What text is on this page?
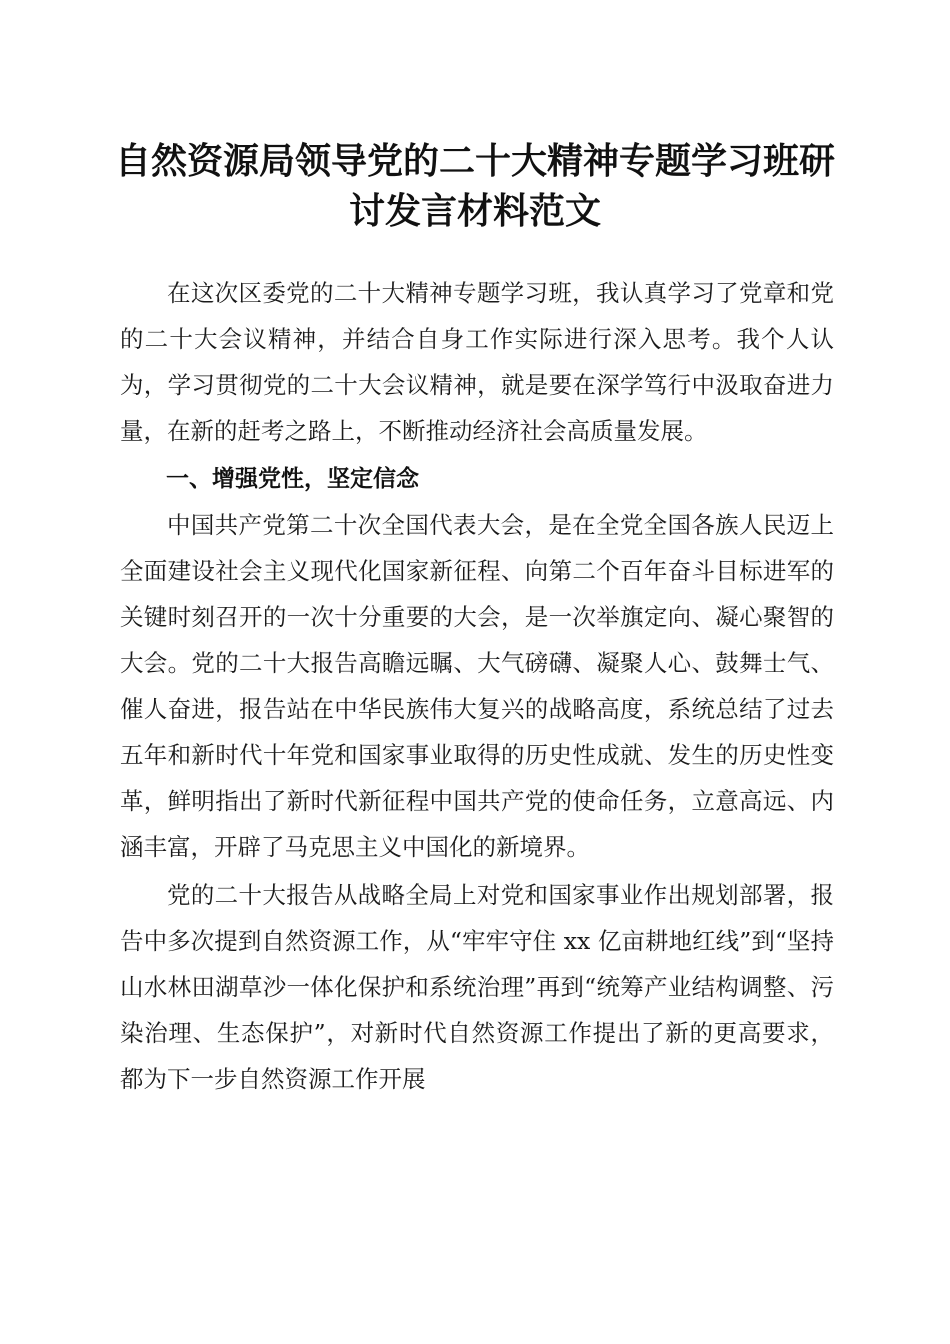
自然资源局领导党的二十大精神专题学习班研
讨发言材料范文

在这次区委党的二十大精神专题学习班，我认真学习了党章和党的二十大会议精神，并结合自身工作实际进行深入思考。我个人认为，学习贯彻党的二十大会议精神，就是要在深学笃行中汲取奋进力量，在新的赶考之路上，不断推动经济社会高质量发展。

一、增强党性，坚定信念

中国共产党第二十次全国代表大会，是在全党全国各族人民迈上全面建设社会主义现代化国家新征程、向第二个百年奋斗目标进军的关键时刻召开的一次十分重要的大会，是一次举旗定向、凝心聚智的大会。党的二十大报告高瞻远瞩、大气磅礴、凝聚人心、鼓舞士气、催人奋进，报告站在中华民族伟大复兴的战略高度，系统总结了过去五年和新时代十年党和国家事业取得的历史性成就、发生的历史性变革，鲜明指出了新时代新征程中国共产党的使命任务，立意高远、内涵丰富，开辟了马克思主义中国化的新境界。

党的二十大报告从战略全局上对党和国家事业作出规划部署，报告中多次提到自然资源工作，从“牢牢守住 xx 亿亩耕地红线”到“坚持山水林田湖草沙一体化保护和系统治理”再到“统筹产业结构调整、污染治理、生态保护”，对新时代自然资源工作提出了新的更高要求，都为下一步自然资源工作开展
